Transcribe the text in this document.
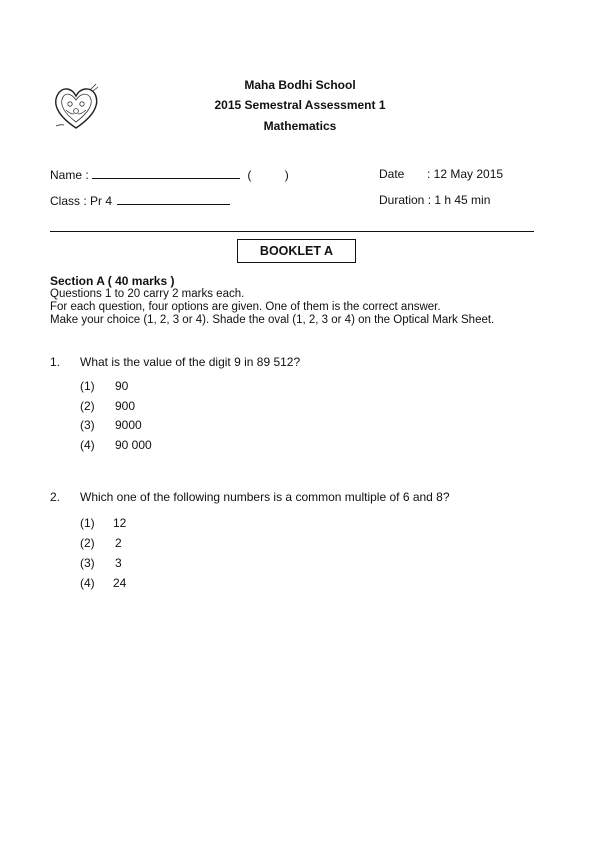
Maha Bodhi School
2015 Semestral Assessment 1
Mathematics
Name :	(	)	Date : 12 May 2015
Class : Pr 4	Duration : 1 h 45 min
BOOKLET A
Section A ( 40 marks )
Questions 1 to 20 carry 2 marks each.
For each question, four options are given. One of them is the correct answer.
Make your choice (1, 2, 3 or 4). Shade the oval (1, 2, 3 or 4) on the Optical Mark Sheet.
1. What is the value of the digit 9 in 89 512?
(1) 90
(2) 900
(3) 9000
(4) 90 000
2. Which one of the following numbers is a common multiple of 6 and 8?
(1) 12
(2) 2
(3) 3
(4) 24
